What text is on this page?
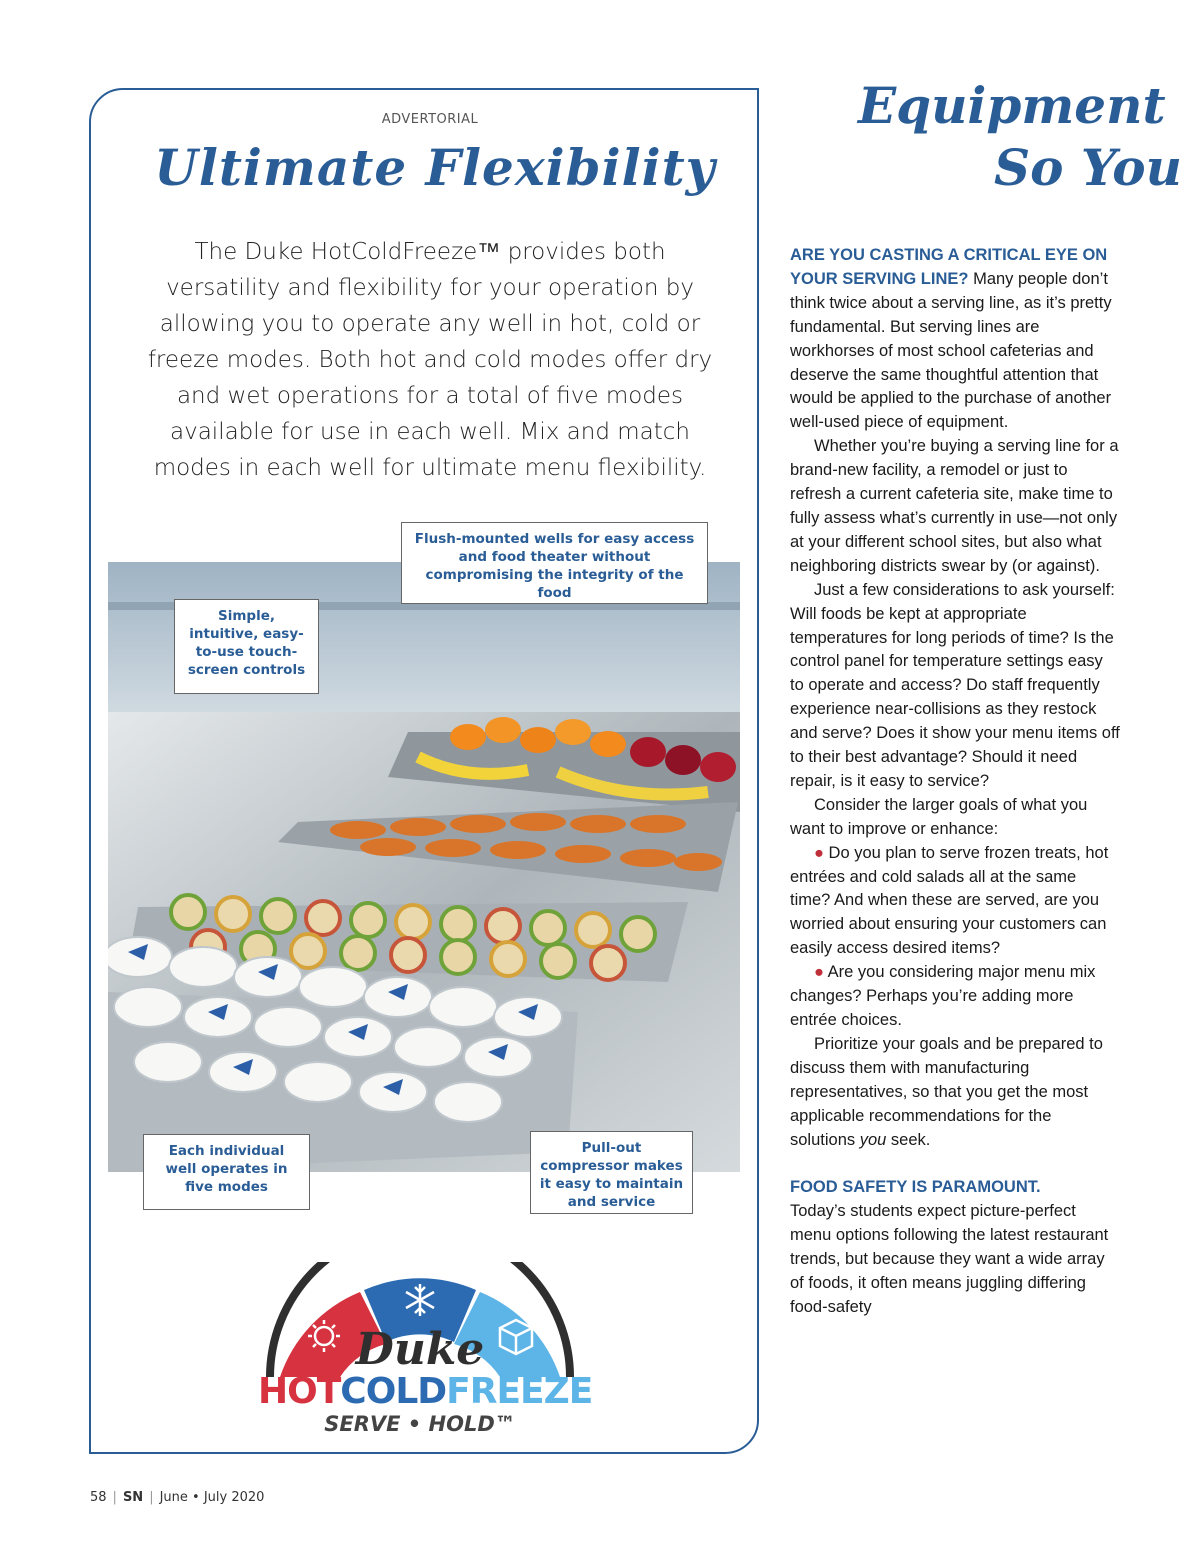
ADVERTORIAL
Ultimate Flexibility
The Duke HotColdFreeze™ provides both versatility and flexibility for your operation by allowing you to operate any well in hot, cold or freeze modes. Both hot and cold modes offer dry and wet operations for a total of five modes available for use in each well. Mix and match modes in each well for ultimate menu flexibility.
Flush-mounted wells for easy access and food theater without compromising the integrity of the food
Simple, intuitive, easy-to-use touch-screen controls
Each individual well operates in five modes
Pull-out compressor makes it easy to maintain and service
Duke
HOTCOLDFREEZE
SERVE • HOLD™
Equipment
So You

ARE YOU CASTING A CRITICAL EYE ON YOUR SERVING LINE? Many people don’t think twice about a serving line, as it’s pretty fundamental. But serving lines are workhorses of most school cafeterias and deserve the same thoughtful attention that would be applied to the purchase of another well-used piece of equipment.

Whether you’re buying a serving line for a brand-new facility, a remodel or just to refresh a current cafeteria site, make time to fully assess what’s currently in use—not only at your different school sites, but also what neighboring districts swear by (or against).

Just a few considerations to ask yourself: Will foods be kept at appropriate temperatures for long periods of time? Is the control panel for temperature settings easy to operate and access? Do staff frequently experience near-collisions as they restock and serve? Does it show your menu items off to their best advantage? Should it need repair, is it easy to service?

Consider the larger goals of what you want to improve or enhance:

● Do you plan to serve frozen treats, hot entrées and cold salads all at the same time? And when these are served, are you worried about ensuring your customers can easily access desired items?

● Are you considering major menu mix changes? Perhaps you’re adding more entrée choices.

Prioritize your goals and be prepared to discuss them with manufacturing representatives, so that you get the most applicable recommendations for the solutions you seek.

FOOD SAFETY IS PARAMOUNT.

Today’s students expect picture-perfect menu options following the latest restaurant trends, but because they want a wide array of foods, it often means juggling differing food-safety

58 | SN | June • July 2020
